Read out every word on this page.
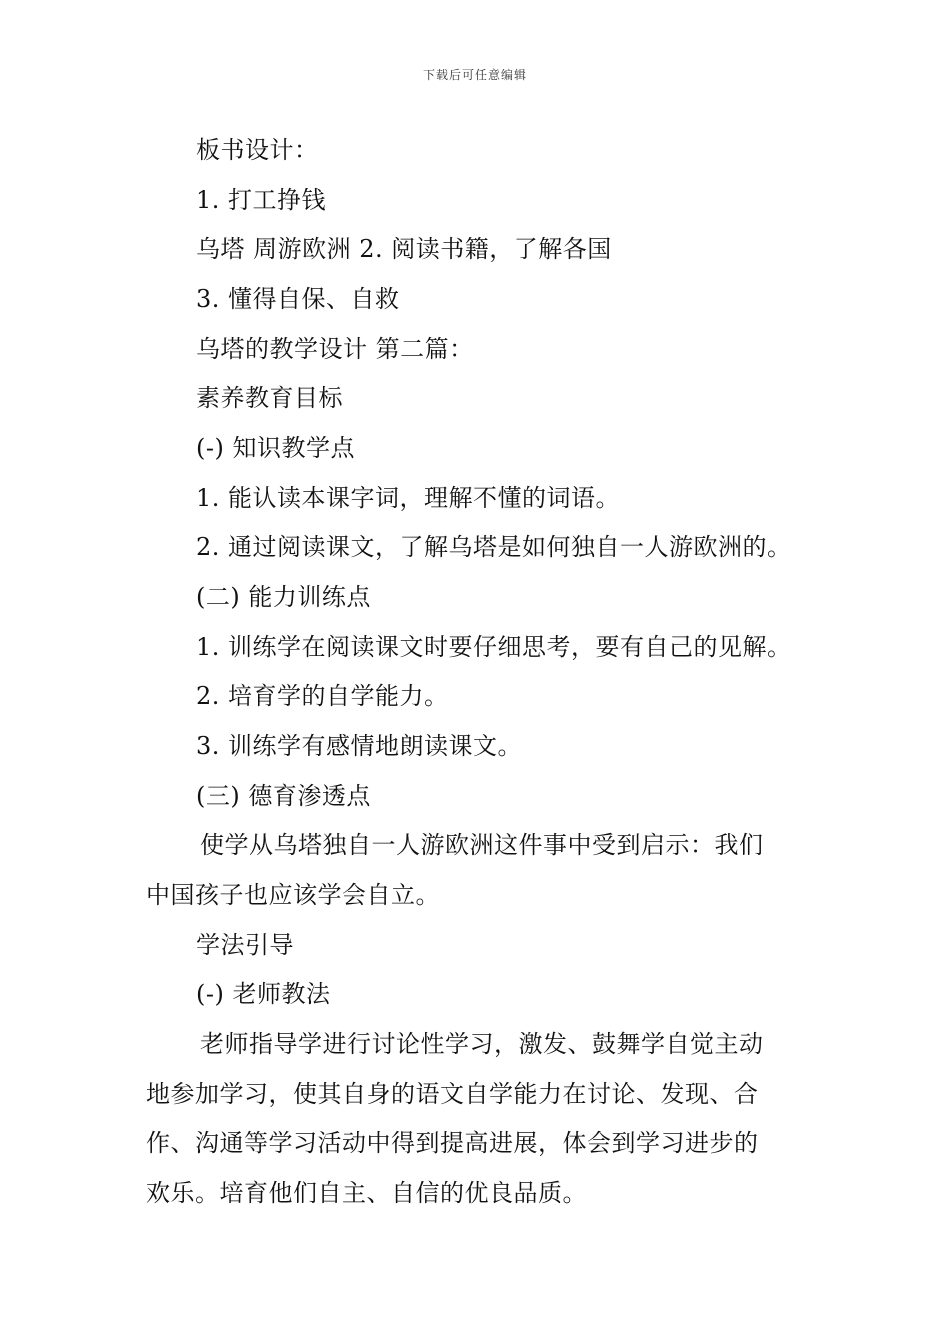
下载后可任意编辑
板书设计：
1. 打工挣钱
乌塔 周游欧洲 2. 阅读书籍，了解各国
3. 懂得自保、自救
乌塔的教学设计 第二篇：
素养教育目标
(-) 知识教学点
1. 能认读本课字词，理解不懂的词语。
2. 通过阅读课文，了解乌塔是如何独自一人游欧洲的。
(二) 能力训练点
1. 训练学在阅读课文时要仔细思考，要有自己的见解。
2. 培育学的自学能力。
3. 训练学有感情地朗读课文。
(三) 德育渗透点
使学从乌塔独自一人游欧洲这件事中受到启示：我们
中国孩子也应该学会自立。
学法引导
(-) 老师教法
老师指导学进行讨论性学习，激发、鼓舞学自觉主动
地参加学习，使其自身的语文自学能力在讨论、发现、合
作、沟通等学习活动中得到提高进展，体会到学习进步的
欢乐。培育他们自主、自信的优良品质。
